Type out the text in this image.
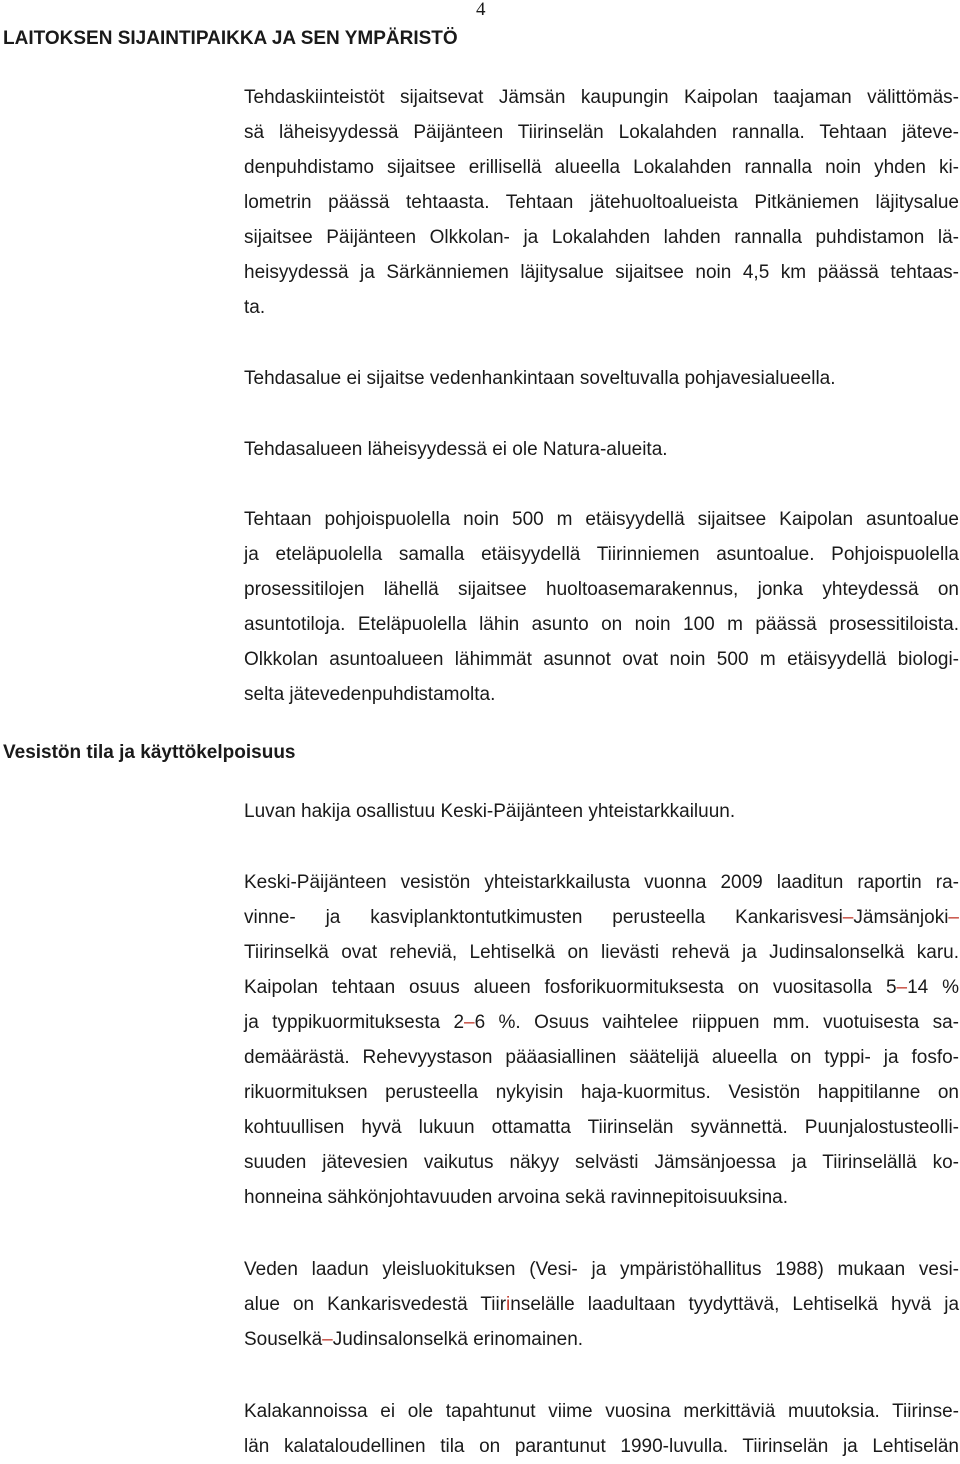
4
LAITOKSEN SIJAINTIPAIKKA JA SEN YMPÄRISTÖ
Tehdaskiinteistöt sijaitsevat Jämsän kaupungin Kaipolan taajaman välittömäs-
sä läheisyydessä Päijänteen Tiirinselän Lokalahden rannalla. Tehtaan jäteve-
denpuhdistamo sijaitsee erillisellä alueella Lokalahden rannalla noin yhden ki-
lometrin päässä tehtaasta. Tehtaan jätehuoltoalueista Pitkäniemen läjitysalue
sijaitsee Päijänteen Olkkolan- ja Lokalahden lahden rannalla puhdistamon lä-
heisyydessä ja Särkänniemen läjitysalue sijaitsee noin 4,5 km päässä tehtaas-
ta.
Tehdasalue ei sijaitse vedenhankintaan soveltuvalla pohjavesialueella.
Tehdasalueen läheisyydessä ei ole Natura-alueita.
Tehtaan pohjoispuolella noin 500 m etäisyydellä sijaitsee Kaipolan asuntoalue
ja eteläpuolella samalla etäisyydellä Tiirinniemen asuntoalue. Pohjoispuolella
prosessitilojen lähellä sijaitsee huoltoasemarakennus, jonka yhteydessä on
asuntotiloja. Eteläpuolella lähin asunto on noin 100 m päässä prosessitiloista.
Olkkolan asuntoalueen lähimmät asunnot ovat noin 500 m etäisyydellä biologi-
selta jätevedenpuhdistamolta.
Vesistön tila ja käyttökelpoisuus
Luvan hakija osallistuu Keski-Päijänteen yhteistarkkailuun.
Keski-Päijänteen vesistön yhteistarkkailusta vuonna 2009 laaditun raportin ra-
vinne- ja kasviplanktontutkimusten perusteella Kankarisvesi–Jämsänjoki–
Tiirinselkä ovat reheviä, Lehtiselkä on lievästi rehevä ja Judinsalonselkä karu.
Kaipolan tehtaan osuus alueen fosforikuormituksesta on vuositasolla 5–14 %
ja typpikuormituksesta 2–6 %. Osuus vaihtelee riippuen mm. vuotuisesta sa-
demäärästä. Rehevyystason pääasiallinen säätelijä alueella on typpi- ja fosfo-
rikuormituksen perusteella nykyisin haja-kuormitus. Vesistön happitilanne on
kohtuullisen hyvä lukuun ottamatta Tiirinselän syvännettä. Puunjalostusteolli-
suuden jätevesien vaikutus näkyy selvästi Jämsänjoessa ja Tiirinselällä ko-
honneina sähkönjohtavuuden arvoina sekä ravinnepitoisuuksina.
Veden laadun yleisluokituksen (Vesi- ja ympäristöhallitus 1988) mukaan vesi-
alue on Kankarisvedestä Tiirinselälle laadultaan tyydyttävä, Lehtiselkä hyvä ja
Souselkä–Judinsalonselkä erinomainen.
Kalakannoissa ei ole tapahtunut viime vuosina merkittäviä muutoksia. Tiirinse-
län kalataloudellinen tila on parantunut 1990-luvulla. Tiirinselän ja Lehtiselän
